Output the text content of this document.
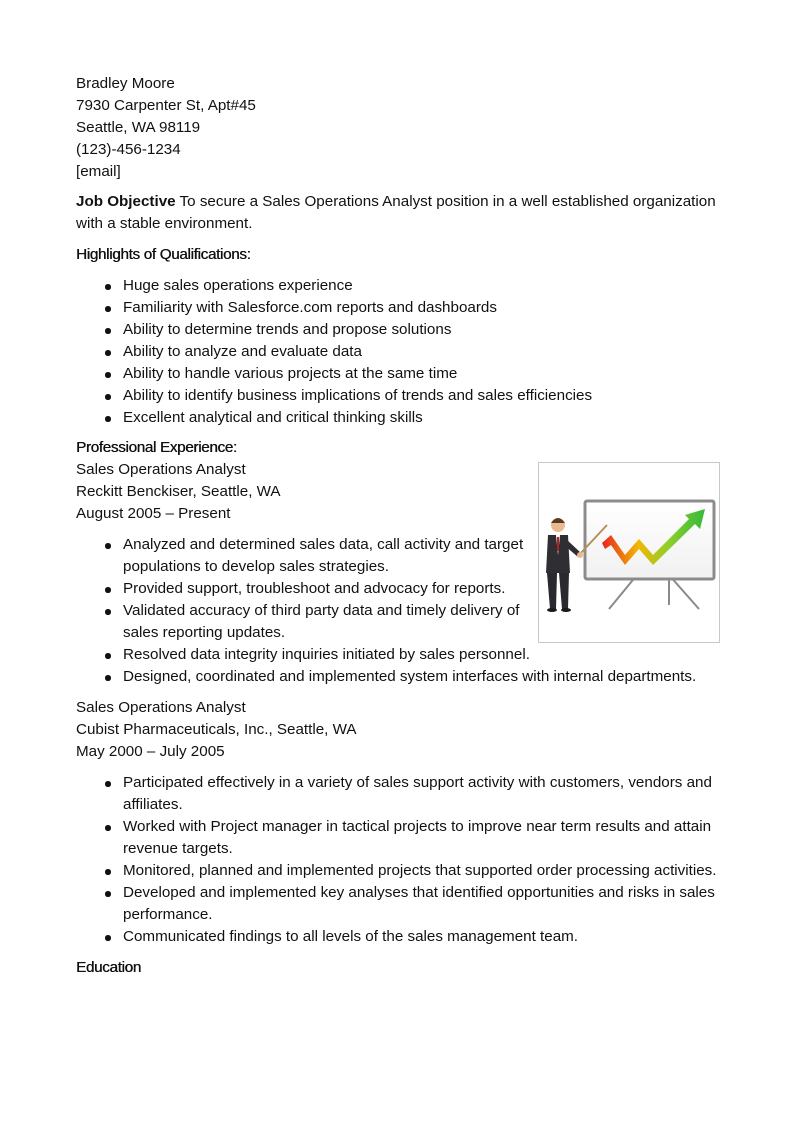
Bradley Moore

7930 Carpenter St, Apt#45

Seattle, WA 98119

(123)-456-1234

[email]

Job Objective To secure a Sales Operations Analyst position in a well established organization with a stable environment.

Highlights of Qualifications:
Huge sales operations experience
Familiarity with Salesforce.com reports and dashboards
Ability to determine trends and propose solutions
Ability to analyze and evaluate data
Ability to handle various projects at the same time
Ability to identify business implications of trends and sales efficiencies
Excellent analytical and critical thinking skills
Professional Experience:

Sales Operations Analyst

Reckitt Benckiser, Seattle, WA

August 2005 – Present

Analyzed and determined sales data, call activity and target populations to develop sales strategies.
Provided support, troubleshoot and advocacy for reports.
Validated accuracy of third party data and timely delivery of sales reporting updates.
Resolved data integrity inquiries initiated by sales personnel.
Designed, coordinated and implemented system interfaces with internal departments.

Sales Operations Analyst

Cubist Pharmaceuticals, Inc., Seattle, WA

May 2000 – July 2005

Participated effectively in a variety of sales support activity with customers, vendors and affiliates.
Worked with Project manager in tactical projects to improve near term results and attain revenue targets.
Monitored, planned and implemented projects that supported order processing activities.
Developed and implemented key analyses that identified opportunities and risks in sales performance.
Communicated findings to all levels of the sales management team.
Education
